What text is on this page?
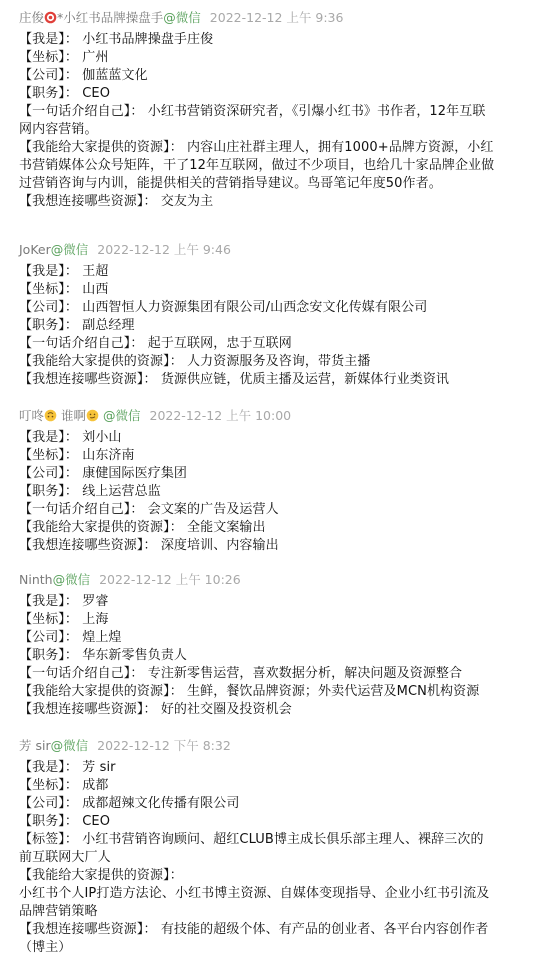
庄俊 *小红书品牌操盘手@微信 2022-12-12 上午 9:36
【我是】： 小红书品牌操盘手庄俊
【坐标】： 广州
【公司】： 伽蓝蓝文化
【职务】： CEO
【一句话介绍自己】： 小红书营销资深研究者，《引爆小红书》书作者，12年互联
网内容营销。
【我能给大家提供的资源】： 内容山庄社群主理人，拥有1000+品牌方资源，小红
书营销媒体公众号矩阵，干了12年互联网，做过不少项目，也给几十家品牌企业做
过营销咨询与内训，能提供相关的营销指导建议。鸟哥笔记年度50作者。
【我想连接哪些资源】： 交友为主
JoKer@微信 2022-12-12 上午 9:46
【我是】： 王超
【坐标】： 山西
【公司】： 山西智恒人力资源集团有限公司/山西念安文化传媒有限公司
【职务】： 副总经理
【一句话介绍自己】： 起于互联网，忠于互联网
【我能给大家提供的资源】： 人力资源服务及咨询，带货主播
【我想连接哪些资源】： 货源供应链，优质主播及运营，新媒体行业类资讯
叮咚
谁啊 @微信 2022-12-12 上午 10:00
【我是】： 刘小山
【坐标】： 山东济南
【公司】： 康健国际医疗集团
【职务】： 线上运营总监
【一句话介绍自己】： 会文案的广告及运营人
【我能给大家提供的资源】： 全能文案输出
【我想连接哪些资源】： 深度培训、内容输出
Ninth@微信 2022-12-12 上午 10:26
【我是】： 罗睿
【坐标】： 上海
【公司】： 煌上煌
【职务】： 华东新零售负责人
【一句话介绍自己】： 专注新零售运营，喜欢数据分析，解决问题及资源整合
【我能给大家提供的资源】： 生鲜，餐饮品牌资源；外卖代运营及MCN机构资源
【我想连接哪些资源】： 好的社交圈及投资机会
芳 sir@微信 2022-12-12 下午 8:32
【我是】： 芳 sir
【坐标】： 成都
【公司】： 成都超辣文化传播有限公司
【职务】： CEO
【标签】： 小红书营销咨询顾问、超红CLUB博主成长俱乐部主理人、裸辞三次的
前互联网大厂人
【我能给大家提供的资源】：
小红书个人IP打造方法论、小红书博主资源、自媒体变现指导、企业小红书引流及
品牌营销策略
【我想连接哪些资源】： 有技能的超级个体、有产品的创业者、各平台内容创作者
（博主）
